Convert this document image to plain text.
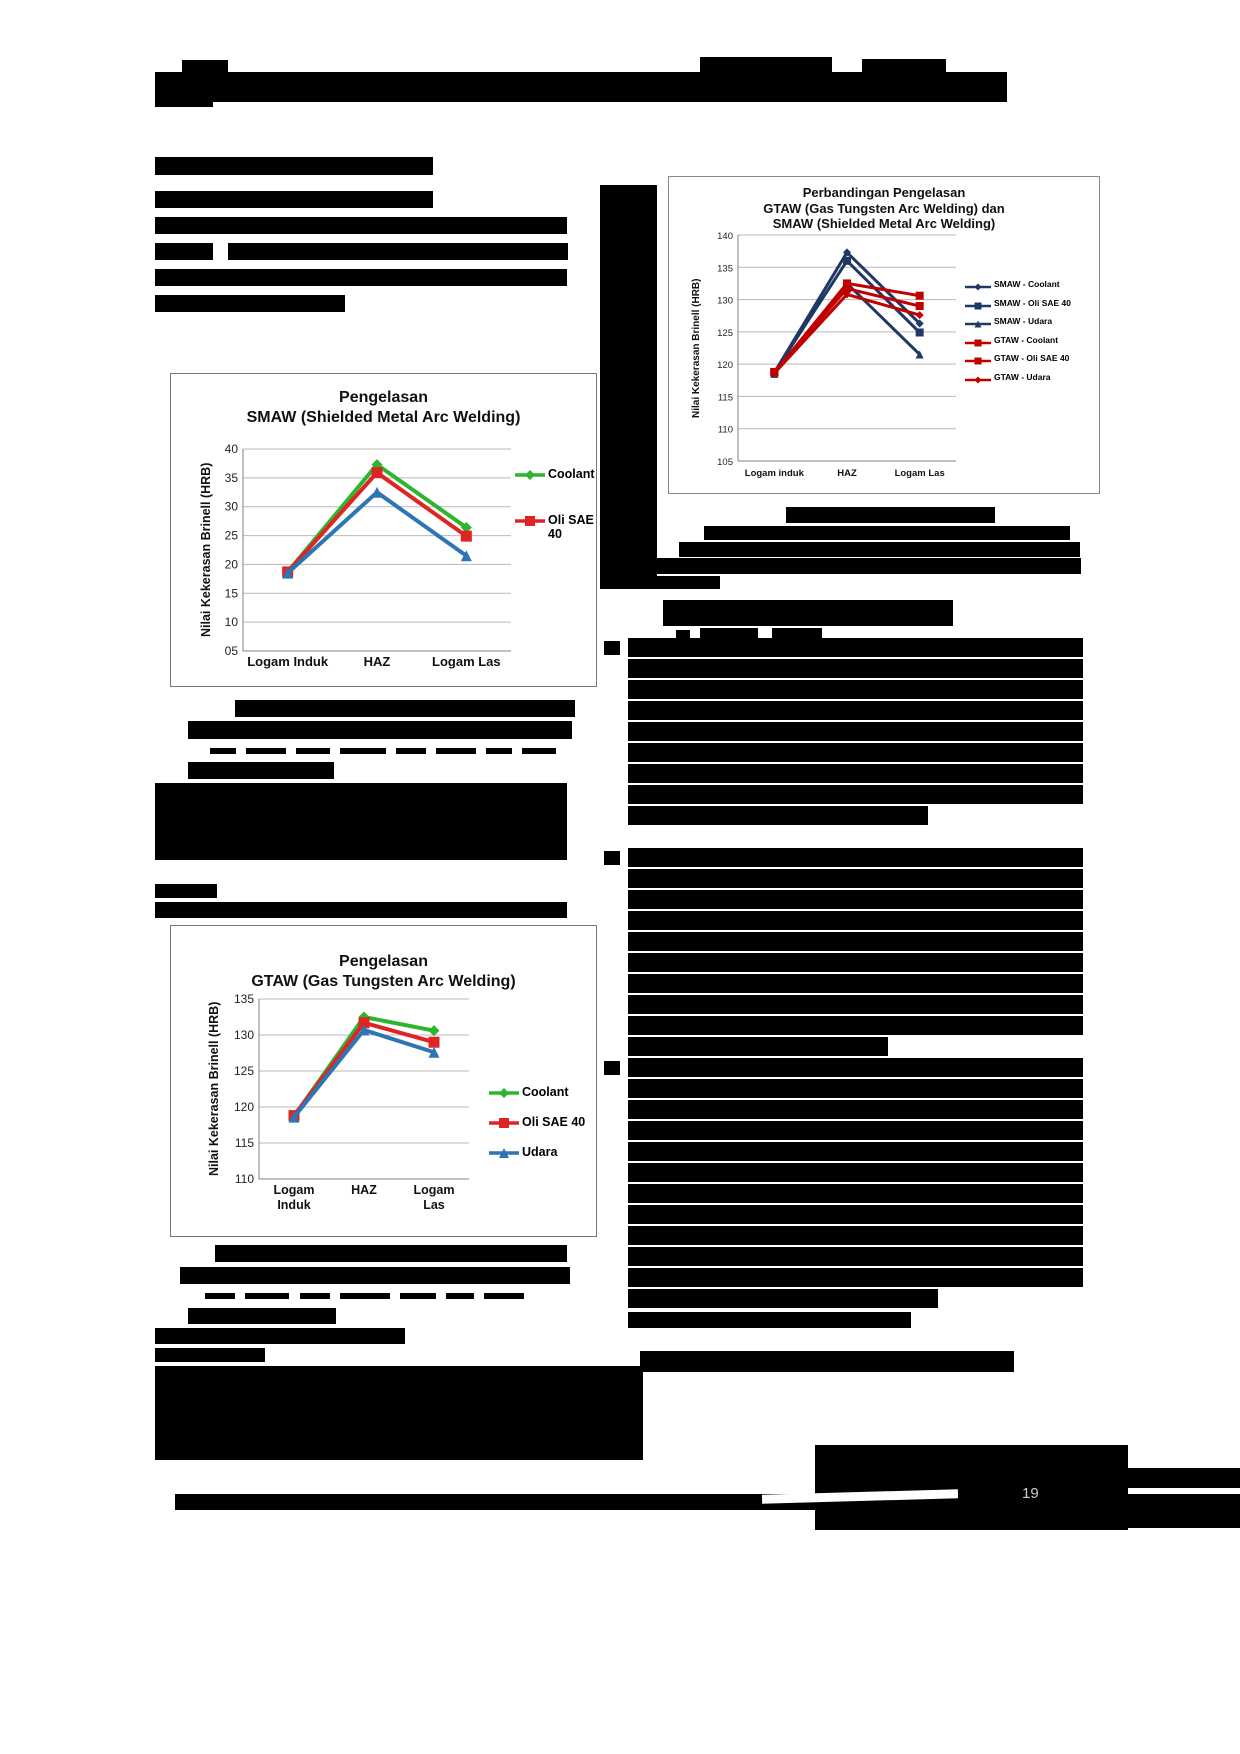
Perbandingan Pengelasan
GTAW (Gas Tungsten Arc Welding) dan
SMAW (Shielded Metal Arc Welding)
Nilai Kekerasan Brinell (HRB)
105
110
115
120
125
130
135
140
Logam induk	HAZ	Logam Las
SMAW - Coolant
SMAW - Oli SAE 40
SMAW - Udara
GTAW - Coolant
GTAW - Oli SAE 40
GTAW - Udara
Pengelasan
SMAW (Shielded Metal Arc Welding)
Nilai Kekerasan Brinell (HRB)
05
10
15
20
25
30
35
40
Logam Induk	HAZ	Logam Las
Coolant
Oli SAE 40
Pengelasan
GTAW (Gas Tungsten Arc Welding)
Nilai Kekerasan Brinell (HRB)
110
115
120
125
130
135
Logam
Induk
HAZ	Logam
Las
Coolant
Oli SAE 40
Udara
19
